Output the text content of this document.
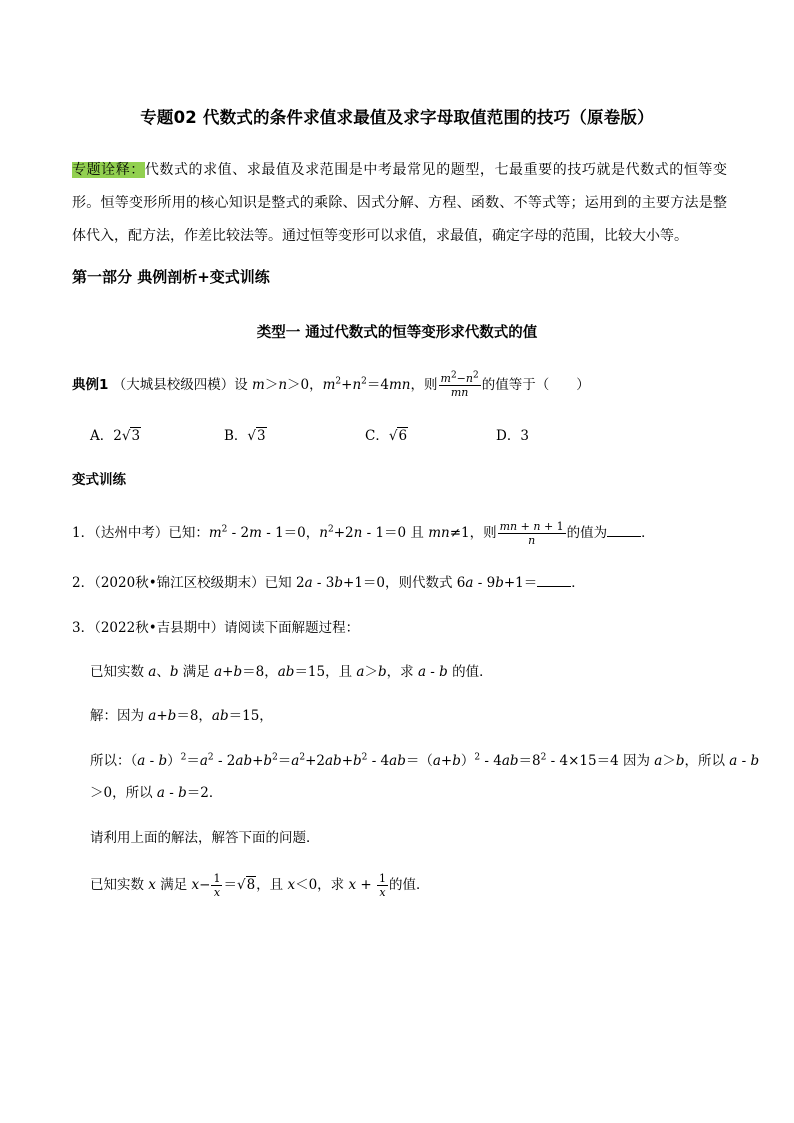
专题02 代数式的条件求值求最值及求字母取值范围的技巧（原卷版）
专题诠释：代数式的求值、求最值及求范围是中考最常见的题型，七最重要的技巧就是代数式的恒等变形。恒等变形所用的核心知识是整式的乘除、因式分解、方程、函数、不等式等；运用到的主要方法是整体代入，配方法，作差比较法等。通过恒等变形可以求值，求最值，确定字母的范围，比较大小等。
第一部分 典例剖析+变式训练
类型一 通过代数式的恒等变形求代数式的值
典例1 （大城县校级四模）设 m＞n＞0，$m^2+n^2=4mn$，则 $\frac{m^2-n^2}{mn}$ 的值等于（　　）
A．2√3	B．√3	C．√6	D．3
变式训练
1．（达州中考）已知：$m^2 - 2m - 1=0$，$n^2+2n - 1=0$ 且 mn≠1，则 $\frac{mn + n + 1}{n}$ 的值为	．
2．（2020秋•锦江区校级期末）已知 2a - 3b+1＝0，则代数式 6a - 9b+1＝	．
3．（2022秋•吉县期中）请阅读下面解题过程：
已知实数 a、b 满足 a+b＝8，ab＝15，且 a＞b，求 a - b 的值．
解：因为 a+b＝8，ab＝15，
所以：$(a - b)^2=a^2 - 2ab+b^2=a^2+2ab+b^2 - 4ab=(a+b)^2 - 4ab=8^2 - 4\times 15=4$ 因为 a＞b，所以 a - b
＞0，所以 a - b＝2．
请利用上面的解法，解答下面的问题．
已知实数 x 满足 $x- \frac{1}{x} =√8$，且 x＜0，求 $x + \frac{1}{x}$ 的值．
